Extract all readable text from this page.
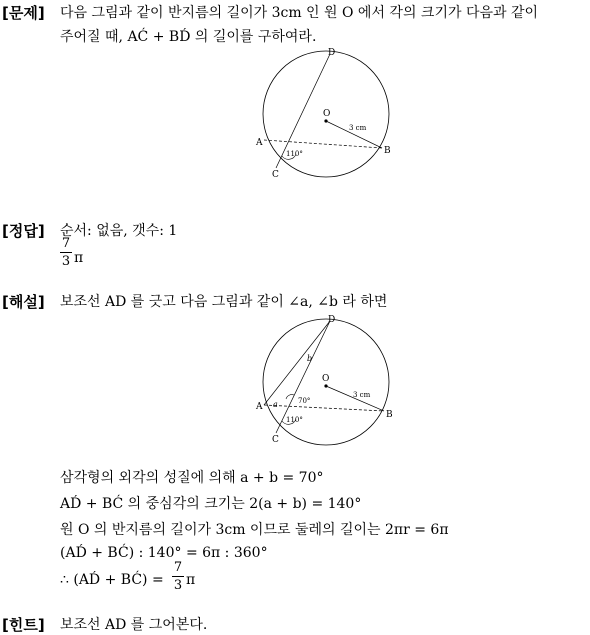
[문제] 다음 그림과 같이 반지름의 길이가 3cm 인 원 O 에서 각의 크기가 다음과 같이
주어질 때, AĆ + BD́ 의 길이를 구하여라.
A
B
C
D
O
3 cm
110°
[정답] 순서: 없음, 갯수: 1
7
3 π
[해설] 보조선 AD 를 긋고 다음 그림과 같이 ∠a, ∠b 라 하면
A
B
C
D
O
3 cm
a
b
70°
110°
삼각형의 외각의 성질에 의해 a + b = 70°
AD́ + BĆ 의 중심각의 크기는 2(a + b) = 140°
원 O 의 반지름의 길이가 3cm 이므로 둘레의 길이는 2πr = 6π
(AD́ + BĆ) : 140° = 6π : 360°
∴ (AD́ + BĆ) =
7
3 π
[힌트] 보조선 AD 를 그어본다.
